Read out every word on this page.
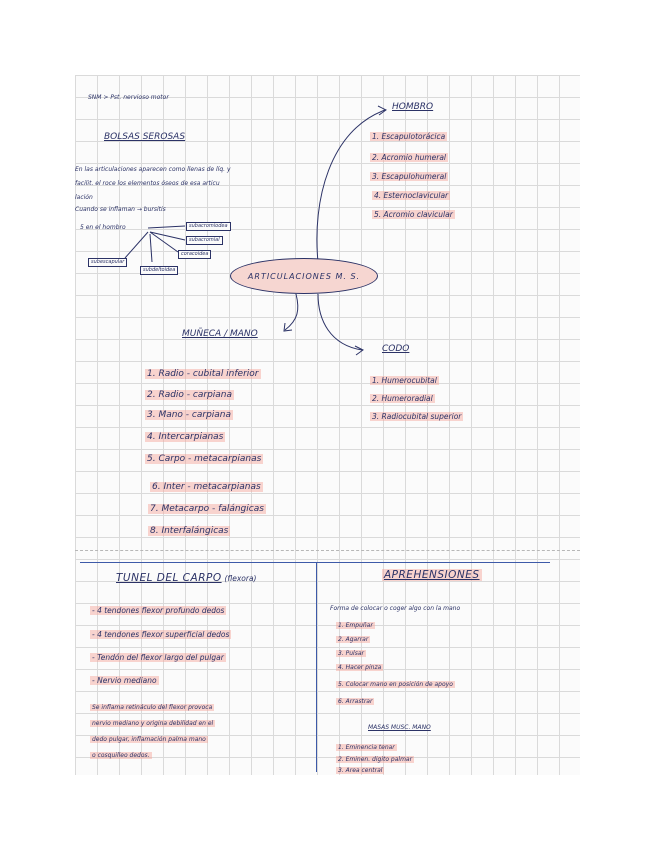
SNM > Pst. nervioso motor
BOLSAS SEROSAS
En las articulaciones aparecen como llenas de líq. y
facilit. el roce los elementos óseos de esa articu
lación
Cuando se inflaman → bursitis
5 en el hombro	subacromiodea
subacromial
coracoidea
subescapular
subdeltoidea
ARTICULACIONES M. S.
HOMBRO
1. Escapulotorácica
2. Acromio humeral
3. Escapulohumeral
4. Esternoclavicular
5. Acromio clavicular
MUÑECA / MANO
1. Radio - cubital inferior
2. Radio - carpiana
3. Mano - carpiana
4. Intercarpianas
5. Carpo - metacarpianas
6. Inter - metacarpianas
7. Metacarpo - falángicas
8. Interfalángicas
CODO
1. Humerocubital
2. Humeroradial
3. Radiocubital superior
TUNEL DEL CARPO (flexora)
- 4 tendones flexor profundo dedos
- 4 tendones flexor superficial dedos
- Tendón del flexor largo del pulgar
- Nervio mediano
Se inflama retináculo del flexor provoca
nervio mediano y origina debilidad en el
dedo pulgar, inflamación palma mano
o cosquilleo dedos.
APREHENSIONES
Forma de colocar o coger algo con la mano
1. Empuñar
2. Agarrar
3. Pulsar
4. Hacer pinza
5. Colocar mano en posición de apoyo
6. Arrastrar
MASAS MUSC. MANO
1. Eminencia tenar
2. Eminen. digito palmar
3. Area central
